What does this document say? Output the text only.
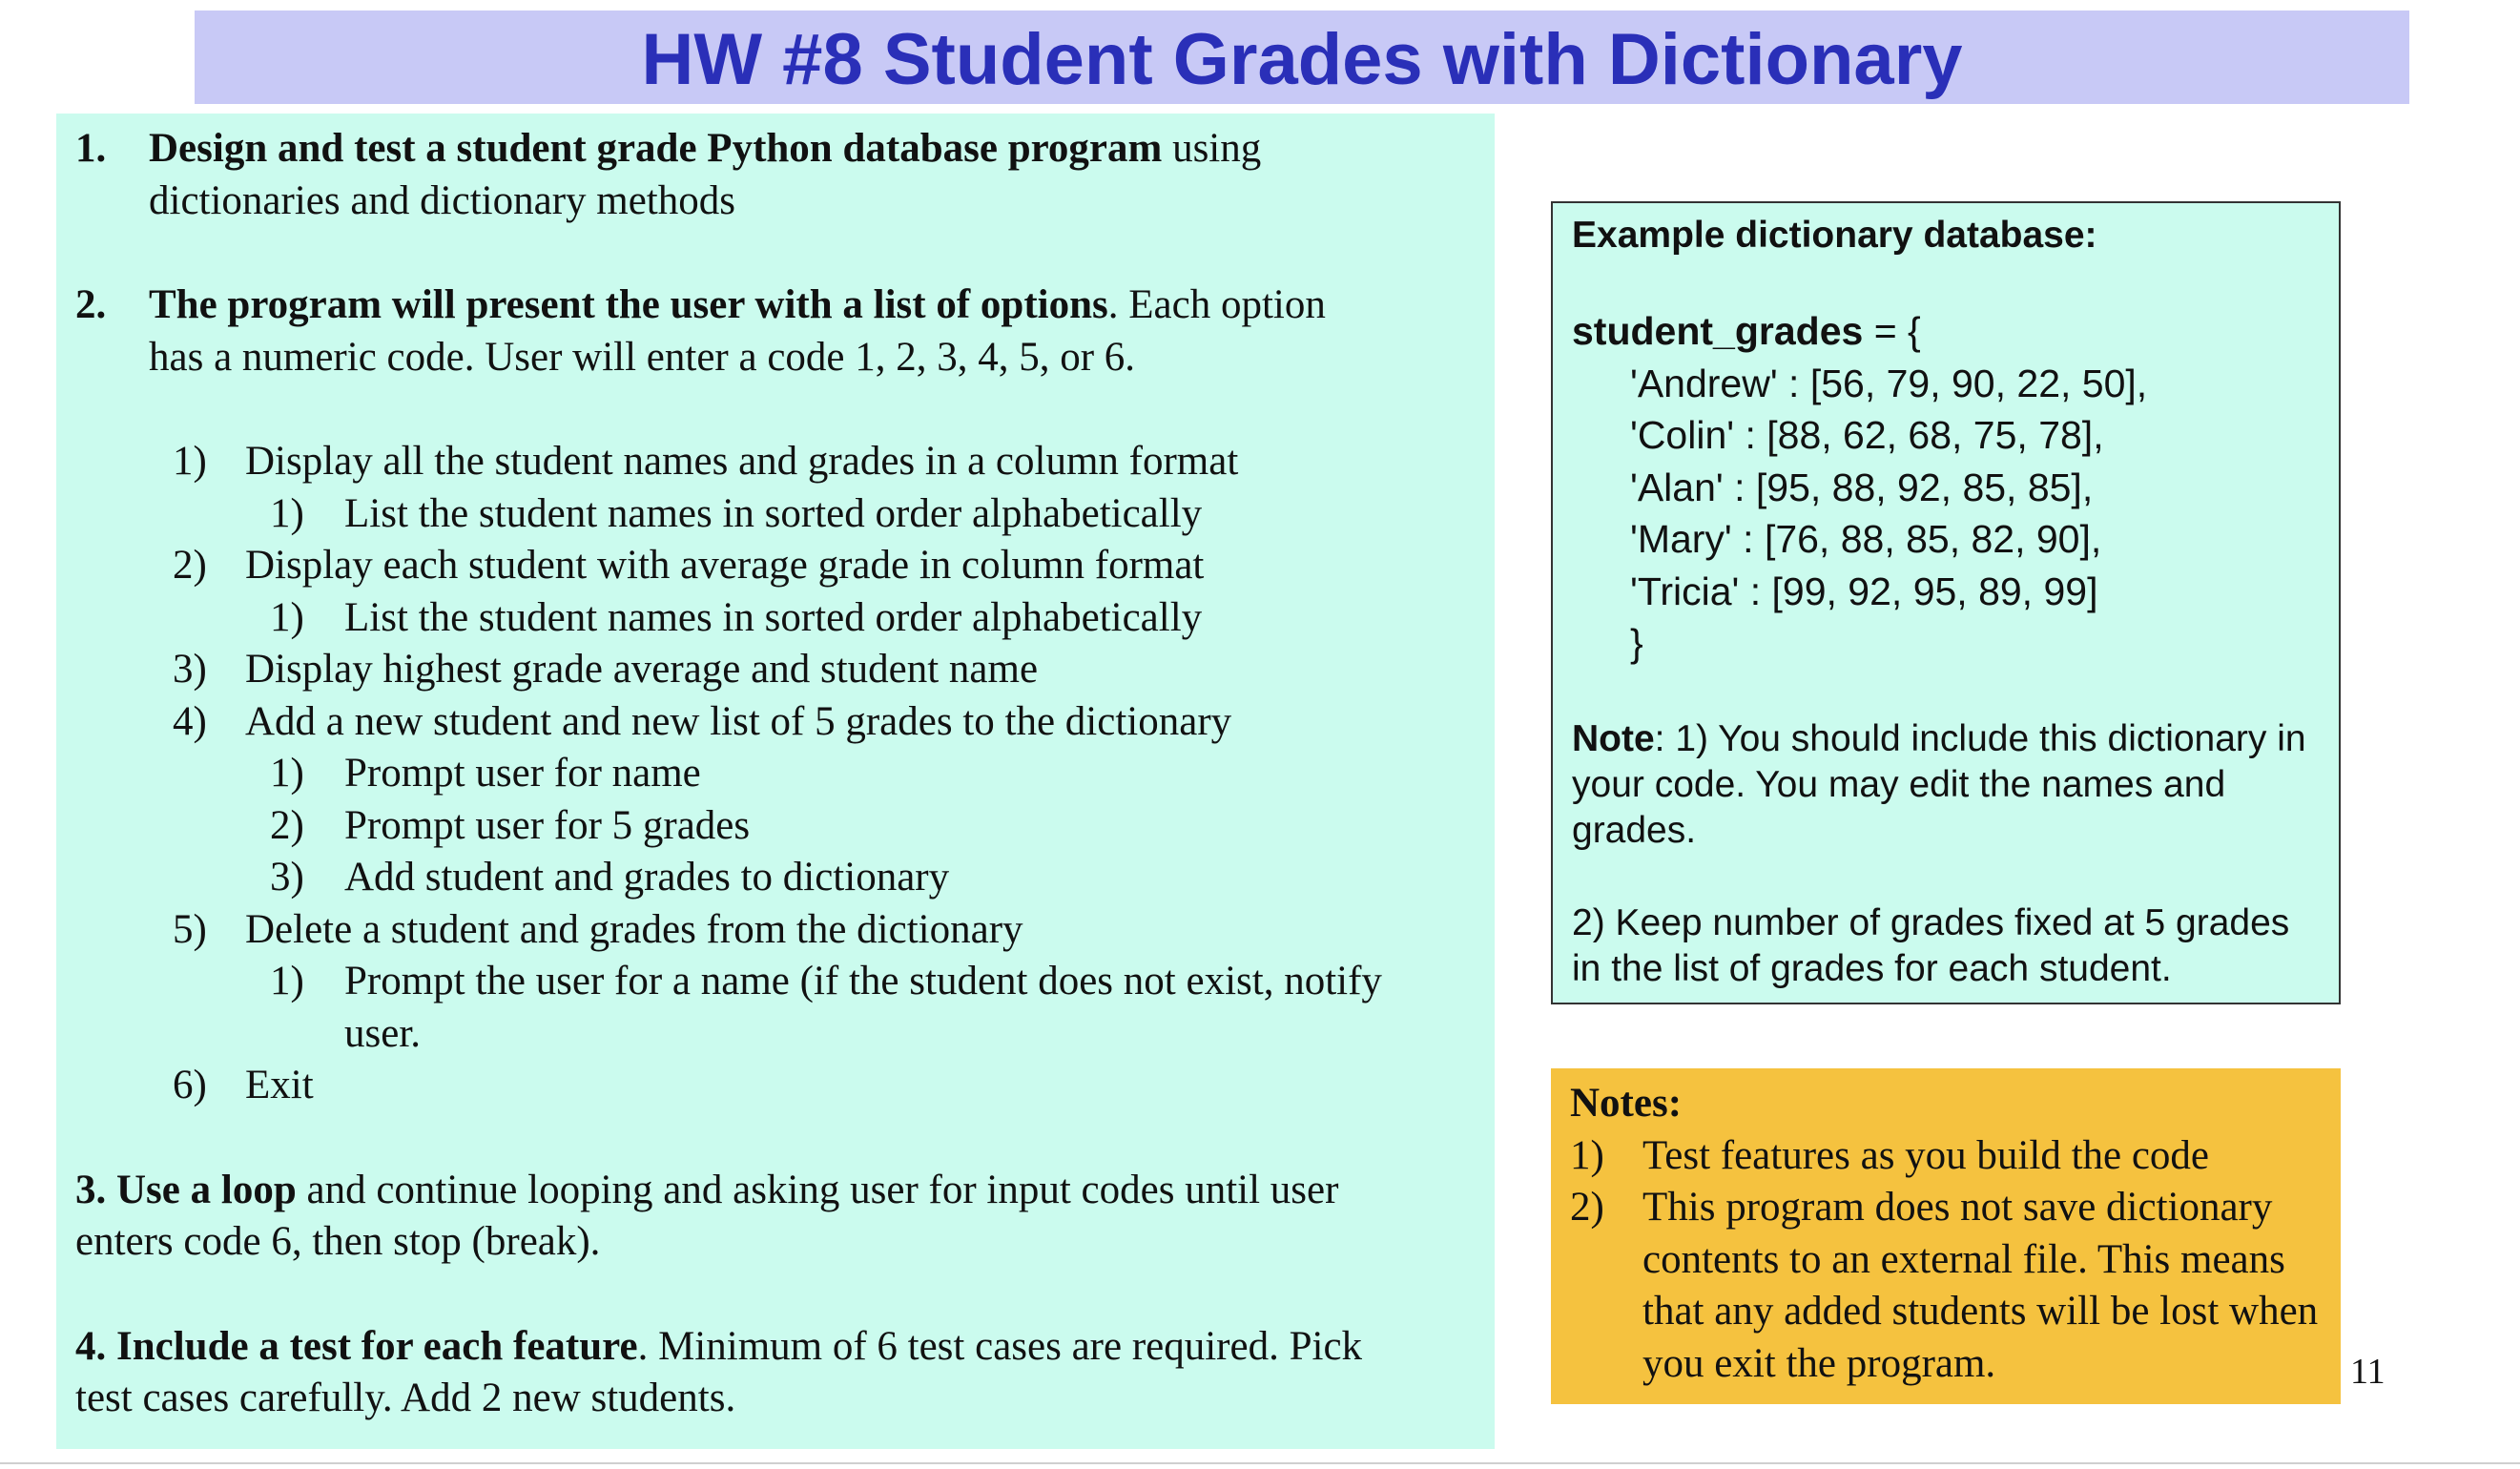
HW #8 Student Grades with Dictionary
1. Design and test a student grade Python database program using
dictionaries and dictionary methods
2. The program will present the user with a list of options. Each option
has a numeric code. User will enter a code 1, 2, 3, 4, 5, or 6.
1) Display all the student names and grades in a column format
1) List the student names in sorted order alphabetically
2) Display each student with average grade in column format
1) List the student names in sorted order alphabetically
3) Display highest grade average and student name
4) Add a new student and new list of 5 grades to the dictionary
1) Prompt user for name
2) Prompt user for 5 grades
3) Add student and grades to dictionary
5) Delete a student and grades from the dictionary
1) Prompt the user for a name (if the student does not exist, notify user.
6) Exit
3. Use a loop and continue looping and asking user for input codes until user
enters code 6, then stop (break).
4. Include a test for each feature. Minimum of 6 test cases are required. Pick
test cases carefully. Add 2 new students.
Example dictionary database:
student_grades = {
'Andrew' : [56, 79, 90, 22, 50],
'Colin' : [88, 62, 68, 75, 78],
'Alan' : [95, 88, 92, 85, 85],
'Mary' : [76, 88, 85, 82, 90],
'Tricia' : [99, 92, 95, 89, 99]
}
Note: 1) You should include this dictionary in your code. You may edit the names and grades.
2) Keep number of grades fixed at 5 grades in the list of grades for each student.
Notes:
1) Test features as you build the code
2) This program does not save dictionary contents to an external file. This means that any added students will be lost when you exit the program.	11
